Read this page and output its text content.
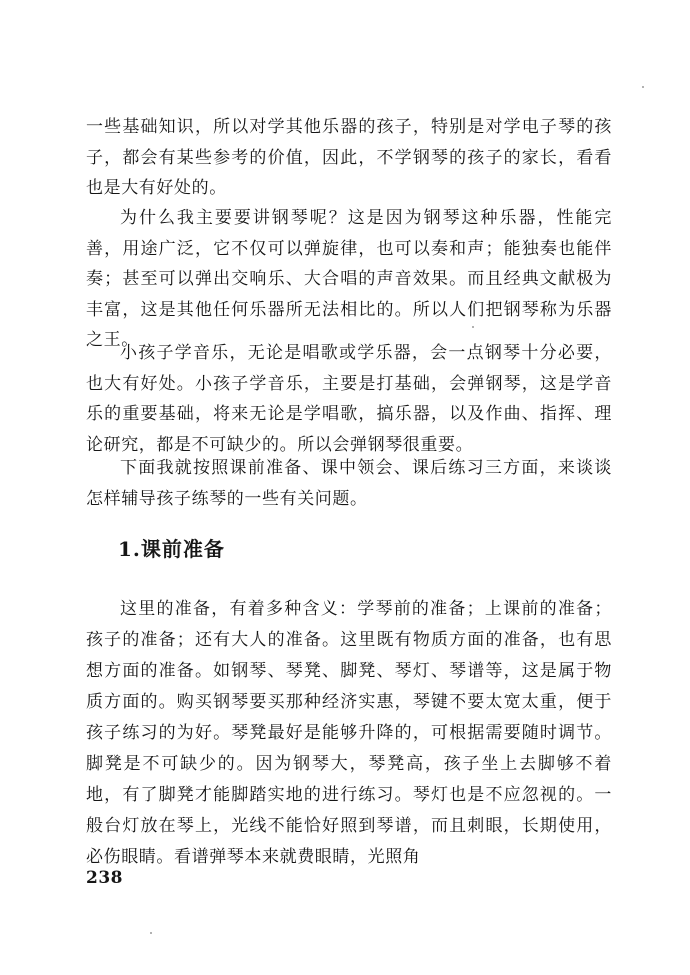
一些基础知识，所以对学其他乐器的孩子，特别是对学电子琴的孩子，都会有某些参考的价值，因此，不学钢琴的孩子的家长，看看也是大有好处的。

为什么我主要要讲钢琴呢？这是因为钢琴这种乐器，性能完善，用途广泛，它不仅可以弹旋律，也可以奏和声；能独奏也能伴奏；甚至可以弹出交响乐、大合唱的声音效果。而且经典文献极为丰富，这是其他任何乐器所无法相比的。所以人们把钢琴称为乐器之王。

小孩子学音乐，无论是唱歌或学乐器，会一点钢琴十分必要，也大有好处。小孩子学音乐，主要是打基础，会弹钢琴，这是学音乐的重要基础，将来无论是学唱歌，搞乐器，以及作曲、指挥、理论研究，都是不可缺少的。所以会弹钢琴很重要。

下面我就按照课前准备、课中领会、课后练习三方面，来谈谈怎样辅导孩子练琴的一些有关问题。

1.课前准备

这里的准备，有着多种含义：学琴前的准备；上课前的准备；孩子的准备；还有大人的准备。这里既有物质方面的准备，也有思想方面的准备。如钢琴、琴凳、脚凳、琴灯、琴谱等，这是属于物质方面的。购买钢琴要买那种经济实惠，琴键不要太宽太重，便于孩子练习的为好。琴凳最好是能够升降的，可根据需要随时调节。脚凳是不可缺少的。因为钢琴大，琴凳高，孩子坐上去脚够不着地，有了脚凳才能脚踏实地的进行练习。琴灯也是不应忽视的。一般台灯放在琴上，光线不能恰好照到琴谱，而且刺眼，长期使用，必伤眼睛。看谱弹琴本来就费眼睛，光照角

238
